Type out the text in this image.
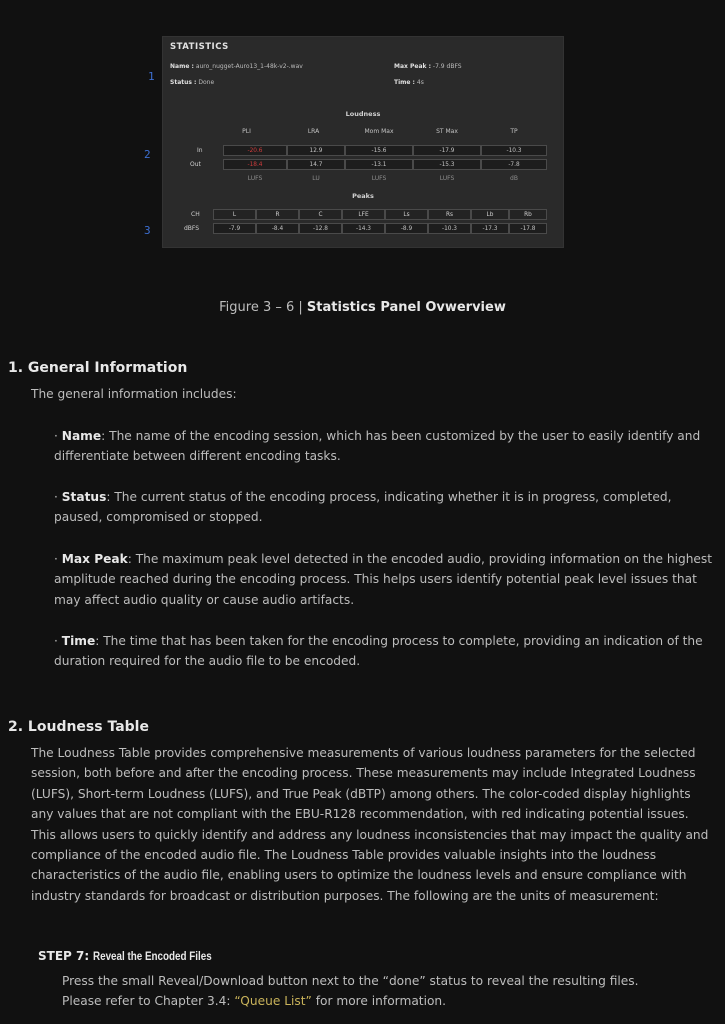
STATISTICS
Name : auro_nugget-Auro13_1-48k-v2-.wav
Status : Done
Max Peak : -7.9 dBFS
Time : 4s
Loudness
PLI	LRA	Mom Max	ST Max	TP
In	-20.6	12.9	-15.6	-17.9	-10.3
Out	-18.4	14.7	-13.1	-15.3	-7.8
LUFS	LU	LUFS	LUFS	dB
Peaks
CH	L	R	C	LFE	Ls	Rs	Lb	Rb
dBFS	-7.9	-8.4	-12.8	-14.3	-8.9	-10.3	-17.3	-17.8
1
2
3
Figure 3 – 6 | Statistics Panel Ovwerview
1. General Information
The general information includes:
· Name: The name of the encoding session, which has been customized by the user to easily identify and differentiate between different encoding tasks.
· Status: The current status of the encoding process, indicating whether it is in progress, completed, paused, compromised or stopped.
· Max Peak: The maximum peak level detected in the encoded audio, providing information on the highest amplitude reached during the encoding process. This helps users identify potential peak level issues that may affect audio quality or cause audio artifacts.
· Time: The time that has been taken for the encoding process to complete, providing an indication of the duration required for the audio file to be encoded.
2. Loudness Table
The Loudness Table provides comprehensive measurements of various loudness parameters for the selected session, both before and after the encoding process. These measurements may include Integrated Loudness (LUFS), Short-term Loudness (LUFS), and True Peak (dBTP) among others. The color-coded display highlights any values that are not compliant with the EBU-R128 recommendation, with red indicating potential issues. This allows users to quickly identify and address any loudness inconsistencies that may impact the quality and compliance of the encoded audio file. The Loudness Table provides valuable insights into the loudness characteristics of the audio file, enabling users to optimize the loudness levels and ensure compliance with industry standards for broadcast or distribution purposes. The following are the units of measurement:
STEP 7: Reveal the Encoded Files
Press the small Reveal/Download button next to the “done” status to reveal the resulting files.
Please refer to Chapter 3.4: “Queue List” for more information.
